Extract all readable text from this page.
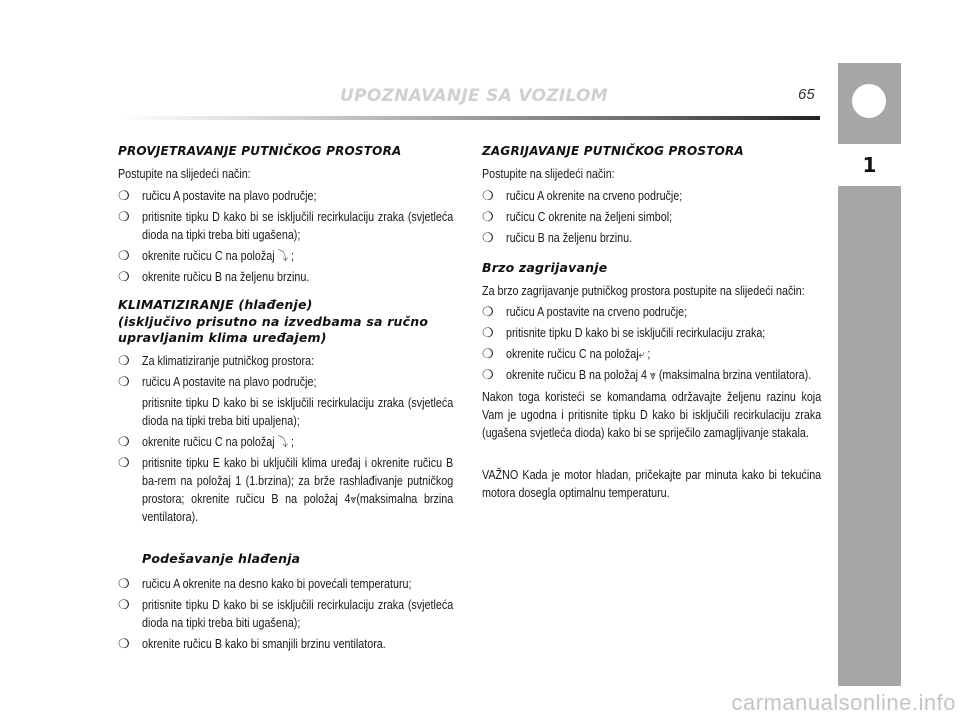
UPOZNAVANJE SA VOZILOM	65
1

PROVJETRAVANJE PUTNIČKOG PROSTORA

Postupite na slijedeći način:

❍ ručicu A postavite na plavo područje;
❍ pritisnite tipku D kako bi se isključili recirkulaciju zraka (svjetleća dioda na tipki treba biti ugašena);
❍ okrenite ručicu C na položaj ⤵ ;
❍ okrenite ručicu B na željenu brzinu.

KLIMATIZIRANJE (hlađenje)

(isključivo prisutno na izvedbama sa ručno upravljanim klima uređajem)

❍ Za klimatiziranje putničkog prostora:
❍ ručicu A postavite na plavo područje;
pritisnite tipku D kako bi se isključili recirkulaciju zraka (svjetleća dioda na tipki treba biti upaljena);
❍ okrenite ručicu C na položaj ⤵ ;
❍ pritisnite tipku E kako bi uključili klima uređaj i okrenite ručicu B ba-rem na položaj 1 (1.brzina); za brže rashlađivanje putničkog prostora; okrenite ručicu B na položaj 4⩔(maksimalna brzina ventilatora).

Podešavanje hlađenja

❍ ručicu A okrenite na desno kako bi povećali temperaturu;
❍ pritisnite tipku D kako bi se isključili recirkulaciju zraka (svjetleća dioda na tipki treba biti ugašena);
❍ okrenite ručicu B kako bi smanjili brzinu ventilatora.

ZAGRIJAVANJE PUTNIČKOG PROSTORA

Postupite na slijedeći način:

❍ ručicu A okrenite na crveno područje;
❍ ručicu C okrenite na željeni simbol;
❍ ručicu B na željenu brzinu.

Brzo zagrijavanje

Za brzo zagrijavanje putničkog prostora postupite na slijedeći način:

❍ ručicu A postavite na crveno područje;
❍ pritisnite tipku D kako bi se isključili recirkulaciju zraka;
❍ okrenite ručicu C na položaj⤶ ;
❍ okrenite ručicu B na položaj 4 ⩔ (maksimalna brzina ventilatora).

Nakon toga koristeći se komandama održavajte željenu razinu koja Vam je ugodna i pritisnite tipku D kako bi isključili recirkulaciju zraka (ugašena svjetleća dioda) kako bi se spriječilo zamagljivanje stakala.

VAŽNO Kada je motor hladan, pričekajte par minuta kako bi tekućina motora dosegla optimalnu temperaturu.

carmanualsonline.info
